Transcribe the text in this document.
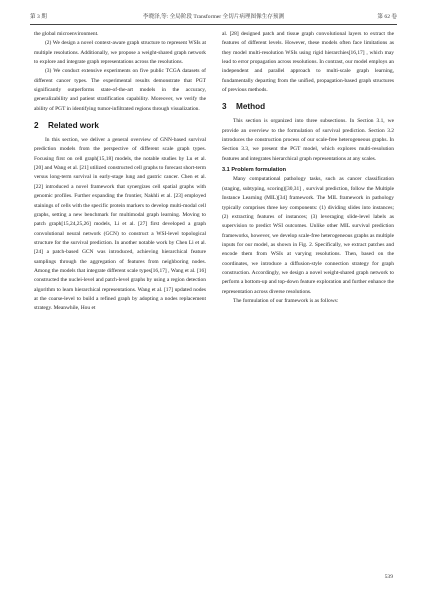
第 3 期	李晓泽,等: 全局阶段 Transformer 全切片病理图像生存预测	第 62 卷

the global microenvironment.

(2) We design a novel context-aware graph structure to represent WSIs at multiple resolutions. Additionally, we propose a weight-shared graph network to explore and integrate graph representations across the resolutions.

(3) We conduct extensive experiments on five public TCGA datasets of different cancer types. The experimental results demonstrate that PGT significantly outperforms state-of-the-art models in the accuracy, generalizability and patient stratification capability. Moreover, we verify the ability of PGT in identifying tumor-infiltrated regions through visualization.

2 Related work

In this section, we deliver a general overview of GNN-based survival prediction models from the perspective of different scale graph types. Focusing first on cell graph[15,18] models, the notable studies by Lu et al. [20] and Wang et al. [21] utilized constructed cell graphs to forecast short-term versus long-term survival in early-stage lung and gastric cancer. Chen et al. [22] introduced a novel framework that synergizes cell spatial graphs with genomic profiles. Further expanding the frontier, Nakhli et al. [23] employed stainings of cells with the specific protein markers to develop multi-modal cell graphs, setting a new benchmark for multimodal graph learning. Moving to patch graph[15,24,25,26] models, Li et al. [27] first developed a graph convolutional neural network (GCN) to construct a WSI-level topological structure for the survival prediction. In another notable work by Chen Li et al. [24] a patch-based GCN was introduced, achieving hierarchical feature samplings through the aggregation of features from neighboring nodes. Among the models that integrate different scale types[16,17] , Wang et al. [16] constructed the nuclei-level and patch-level graphs by using a region detection algorithm to learn hierarchical representations. Wang et al. [17] updated nodes at the coarse-level to build a refined graph by adopting a nodes replacement strategy. Meanwhile, Hou et

al. [28] designed patch and tissue graph convolutional layers to extract the features of different levels. However, these models often face limitations as they model multi-resolution WSIs using rigid hierarchies[16,17] , which may lead to error propagation across resolutions. In contrast, our model employs an independent and parallel approach to multi-scale graph learning, fundamentally departing from the unified, propagation-based graph structures of previous methods.

3 Method

This section is organized into three subsections. In Section 3.1, we provide an overview to the formulation of survival prediction. Section 3.2 introduces the construction process of our scale-free heterogeneous graphs. In Section 3.3, we present the PGT model, which explores multi-resolution features and integrates hierarchical graph representations at any scales.

3.1 Problem formulation

Many computational pathology tasks, such as cancer classification (staging, subtyping, scoring)[30,31] , survival prediction, follow the Multiple Instance Learning (MIL)[34] framework. The MIL framework in pathology typically comprises three key components: (1) dividing slides into instances; (2) extracting features of instances; (3) leveraging slide-level labels as supervision to predict WSI outcomes. Unlike other MIL survival prediction frameworks, however, we develop scale-free heterogeneous graphs as multiple inputs for our model, as shown in Fig. 2. Specifically, we extract patches and encode them from WSIs at varying resolutions. Then, based on the coordinates, we introduce a diffusion-style connection strategy for graph construction. Accordingly, we design a novel weight-shared graph network to perform a bottom-up and top-down feature exploration and further enhance the representation across diverse resolutions.

The formulation of our framework is as follows:

539
